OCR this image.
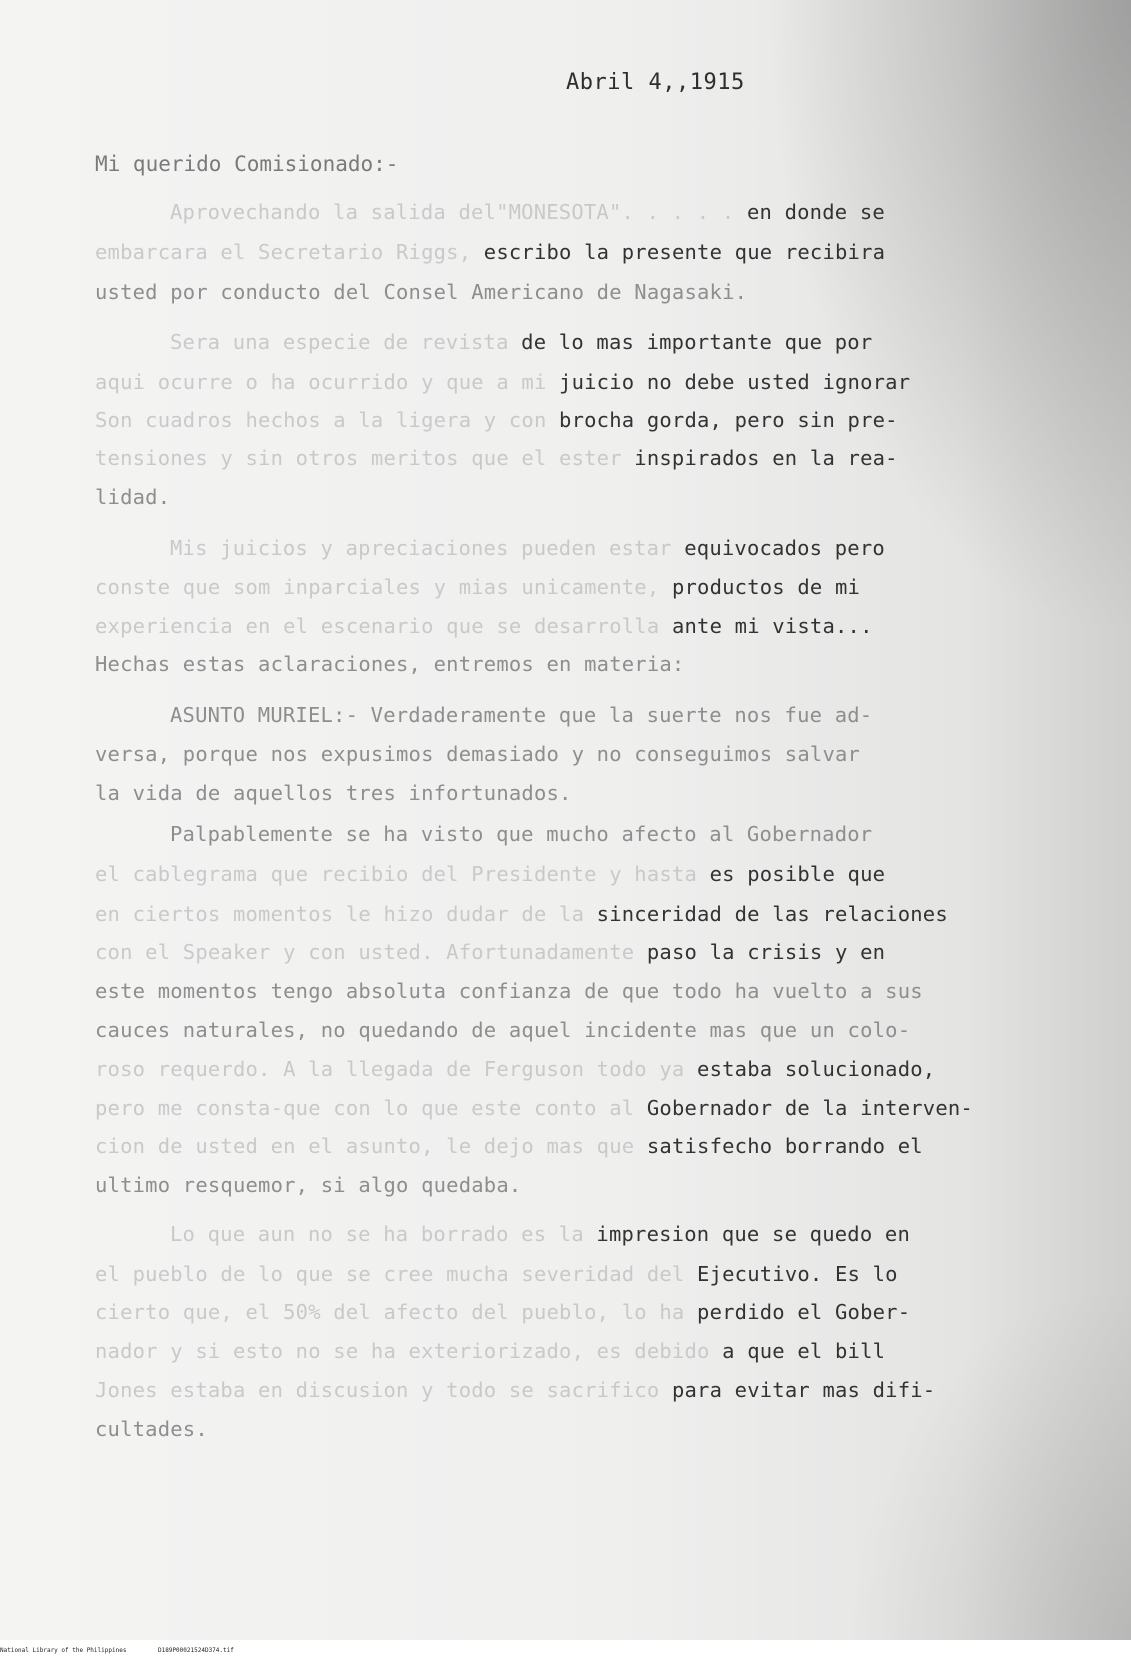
Abril 4,,1915
Mi querido Comisionado:-
Aprovechando la salida del"MONESOTA". . . . . en donde se
embarcara el Secretario Riggs, escribo la presente que recibira
usted por conducto del Consel Americano de Nagasaki.
Sera una especie de revista de lo mas importante que por
aqui ocurre o ha ocurrido y que a mi juicio no debe usted ignorar
Son cuadros hechos a la ligera y con brocha gorda, pero sin pre-
tensiones y sin otros meritos que el ester inspirados en la rea-
lidad.
Mis juicios y apreciaciones pueden estar equivocados pero
conste que som inparciales y mias unicamente, productos de mi
experiencia en el escenario que se desarrolla ante mi vista...
Hechas estas aclaraciones, entremos en materia:
ASUNTO MURIEL:- Verdaderamente que la suerte nos fue ad-
versa, porque nos expusimos demasiado y no conseguimos salvar
la vida de aquellos tres infortunados.
Palpablemente se ha visto que mucho afecto al Gobernador
el cablegrama que recibio del Presidente y hasta es posible que
en ciertos momentos le hizo dudar de la sinceridad de las relaciones
con el Speaker y con usted. Afortunadamente paso la crisis y en
este momentos tengo absoluta confianza de que todo ha vuelto a sus
cauces naturales, no quedando de aquel incidente mas que un colo-
roso requerdo. A la llegada de Ferguson todo ya estaba solucionado,
pero me consta-que con lo que este conto al Gobernador de la interven-
cion de usted en el asunto, le dejo mas que satisfecho borrando el
ultimo resquemor, si algo quedaba.
Lo que aun no se ha borrado es la impresion que se quedo en
el pueblo de lo que se cree mucha severidad del Ejecutivo. Es lo
cierto que, el 50% del afecto del pueblo, lo ha perdido el Gober-
nador y si esto no se ha exteriorizado, es debido a que el bill
Jones estaba en discusion y todo se sacrifico para evitar mas difi-
cultades.
National Library of the Philippines	D189P00021524D374.tif
